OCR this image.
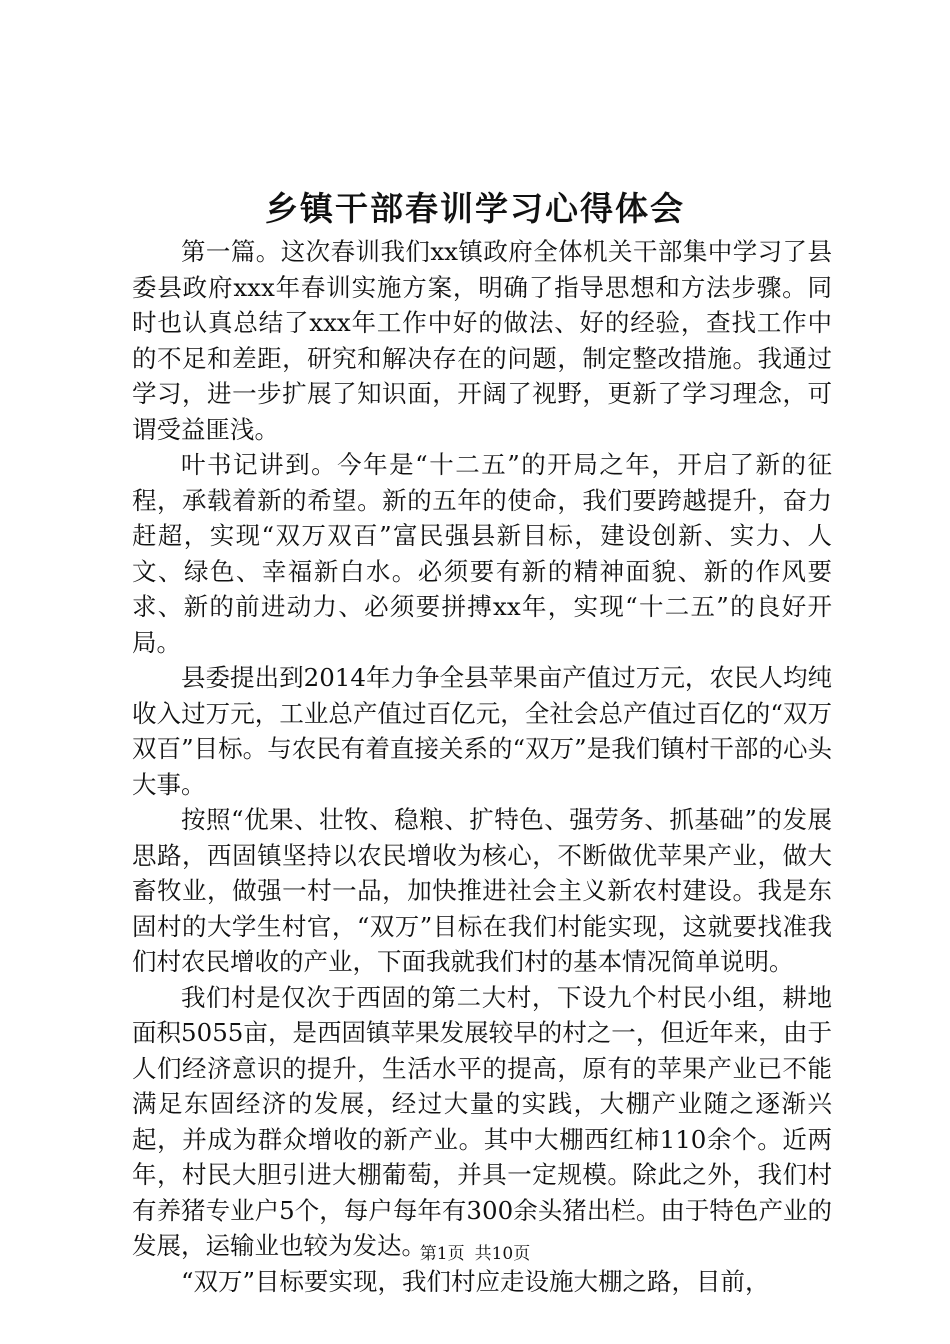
乡镇干部春训学习心得体会

第一篇。这次春训我们xx镇政府全体机关干部集中学习了县委县政府xxx年春训实施方案，明确了指导思想和方法步骤。同时也认真总结了xxx年工作中好的做法、好的经验，查找工作中的不足和差距，研究和解决存在的问题，制定整改措施。我通过学习，进一步扩展了知识面，开阔了视野，更新了学习理念，可谓受益匪浅。

叶书记讲到。今年是“十二五”的开局之年，开启了新的征程，承载着新的希望。新的五年的使命，我们要跨越提升，奋力赶超，实现“双万双百”富民强县新目标，建设创新、实力、人文、绿色、幸福新白水。必须要有新的精神面貌、新的作风要求、新的前进动力、必须要拼搏xx年，实现“十二五”的良好开局。

县委提出到2014年力争全县苹果亩产值过万元，农民人均纯收入过万元，工业总产值过百亿元，全社会总产值过百亿的“双万双百”目标。与农民有着直接关系的“双万”是我们镇村干部的心头大事。

按照“优果、壮牧、稳粮、扩特色、强劳务、抓基础”的发展思路，西固镇坚持以农民增收为核心，不断做优苹果产业，做大畜牧业，做强一村一品，加快推进社会主义新农村建设。我是东固村的大学生村官，“双万”目标在我们村能实现，这就要找准我们村农民增收的产业，下面我就我们村的基本情况简单说明。

我们村是仅次于西固的第二大村，下设九个村民小组，耕地面积5055亩，是西固镇苹果发展较早的村之一，但近年来，由于人们经济意识的提升，生活水平的提高，原有的苹果产业已不能满足东固经济的发展，经过大量的实践，大棚产业随之逐渐兴起，并成为群众增收的新产业。其中大棚西红柿110余个。近两年，村民大胆引进大棚葡萄，并具一定规模。除此之外，我们村有养猪专业户5个，每户每年有300余头猪出栏。由于特色产业的发展，运输业也较为发达。

“双万”目标要实现，我们村应走设施大棚之路，目前，

第1页 共10页
